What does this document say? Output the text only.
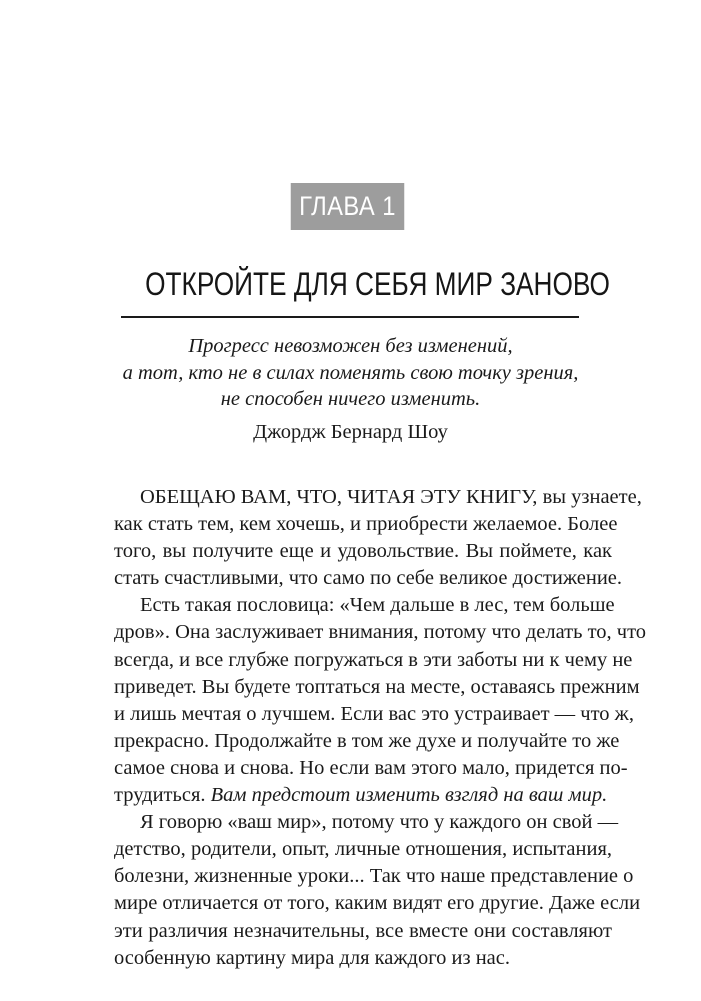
ГЛАВА 1
ОТКРОЙТЕ ДЛЯ СЕБЯ МИР ЗАНОВО
Прогресс невозможен без изменений,
а тот, кто не в силах поменять свою точку зрения,
не способен ничего изменить.
Джордж Бернард Шоу
ОБЕЩАЮ ВАМ, ЧТО, ЧИТАЯ ЭТУ КНИГУ, вы узнаете,
как стать тем, кем хочешь, и приобрести желаемое. Более
того, вы получите еще и удовольствие. Вы поймете, как
стать счастливыми, что само по себе великое достижение.
Есть такая пословица: «Чем дальше в лес, тем больше
дров». Она заслуживает внимания, потому что делать то, что
всегда, и все глубже погружаться в эти заботы ни к чему не
приведет. Вы будете топтаться на месте, оставаясь прежним
и лишь мечтая о лучшем. Если вас это устраивает — что ж,
прекрасно. Продолжайте в том же духе и получайте то же
самое снова и снова. Но если вам этого мало, придется по-
трудиться. Вам предстоит изменить взгляд на ваш мир.
Я говорю «ваш мир», потому что у каждого он свой —
детство, родители, опыт, личные отношения, испытания,
болезни, жизненные уроки... Так что наше представление о
мире отличается от того, каким видят его другие. Даже если
эти различия незначительны, все вместе они составляют
особенную картину мира для каждого из нас.
